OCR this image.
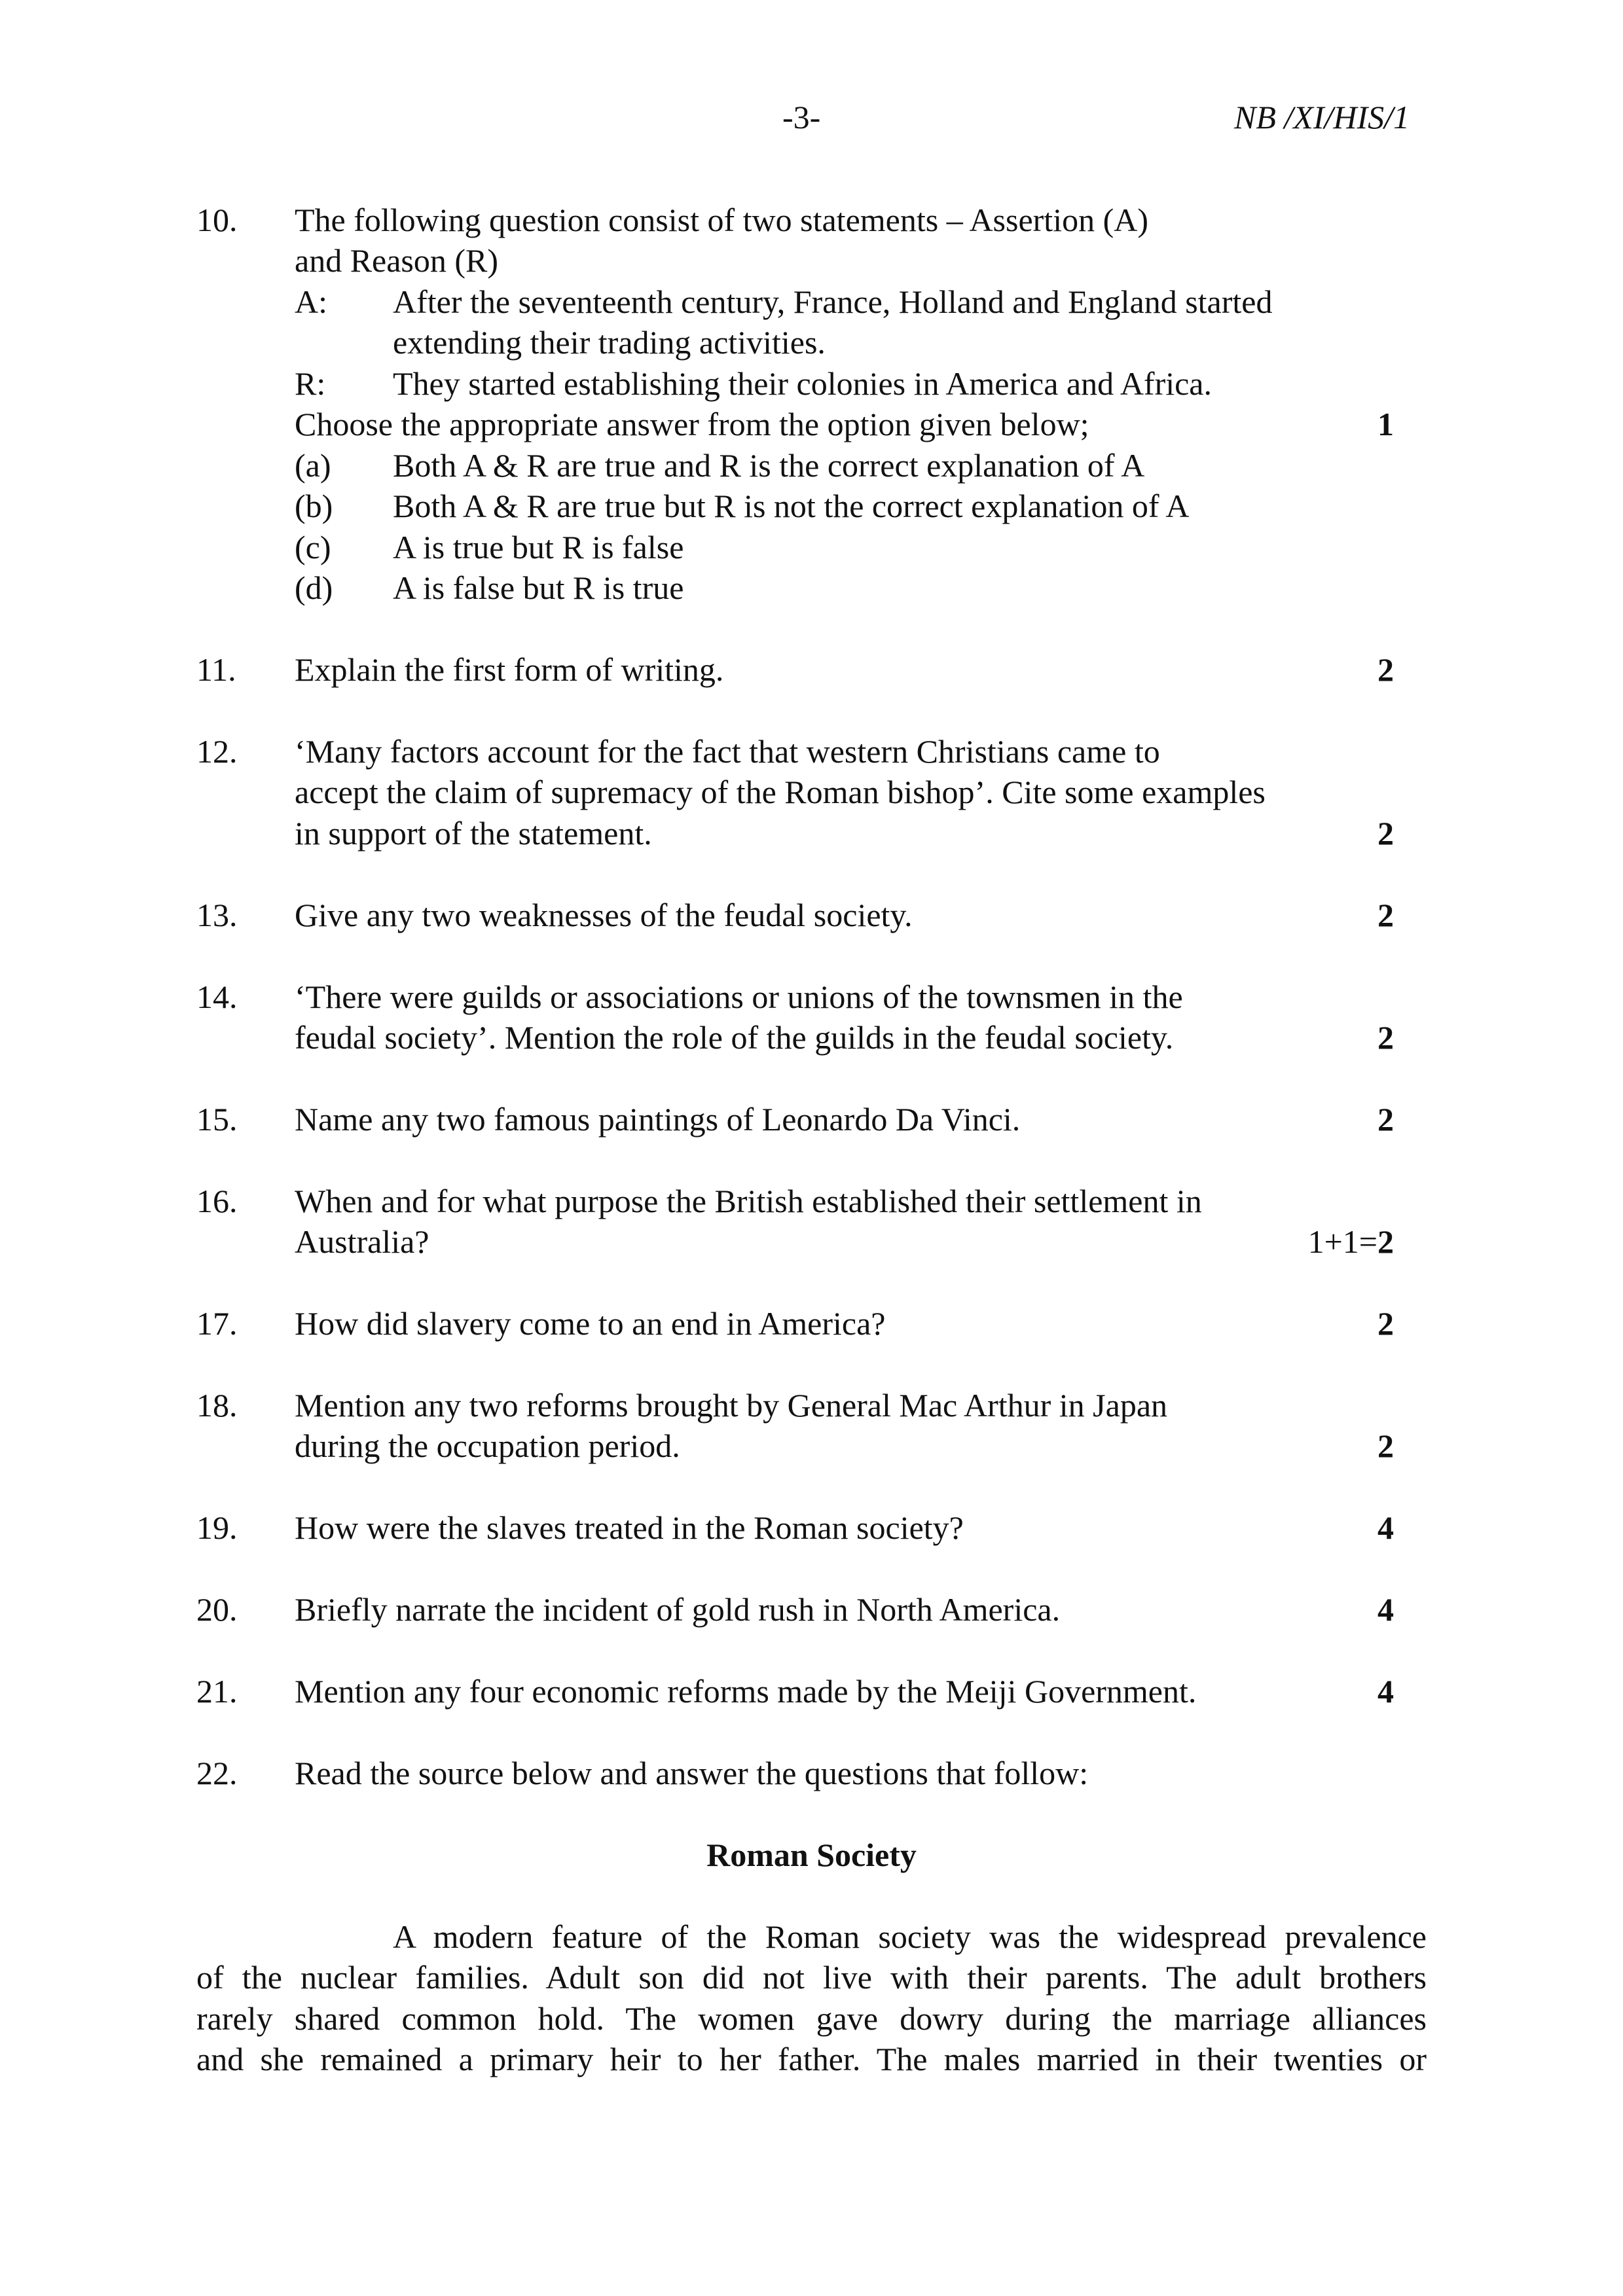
-3-	NB /XI/HIS/1
10. The following question consist of two statements – Assertion (A)
and Reason (R)
A: After the seventeenth century, France, Holland and England started
extending their trading activities.
R: They started establishing their colonies in America and Africa.
Choose the appropriate answer from the option given below;	1
(a) Both A & R are true and R is the correct explanation of A
(b) Both A & R are true but R is not the correct explanation of A
(c) A is true but R is false
(d) A is false but R is true
11. Explain the first form of writing.	2
12. ‘Many factors account for the fact that western Christians came to
accept the claim of supremacy of the Roman bishop’. Cite some examples
in support of the statement.	2
13. Give any two weaknesses of the feudal society.	2
14. ‘There were guilds or associations or unions of the townsmen in the
feudal society’. Mention the role of the guilds in the feudal society.	2
15. Name any two famous paintings of Leonardo Da Vinci.	2
16. When and for what purpose the British established their settlement in
Australia?	1+1=2
17. How did slavery come to an end in America?	2
18. Mention any two reforms brought by General Mac Arthur in Japan
during the occupation period.	2
19. How were the slaves treated in the Roman society?	4
20. Briefly narrate the incident of gold rush in North America.	4
21. Mention any four economic reforms made by the Meiji Government.	4
22. Read the source below and answer the questions that follow:
Roman Society
A modern feature of the Roman society was the widespread prevalence
of the nuclear families. Adult son did not live with their parents. The adult brothers
rarely shared common hold. The women gave dowry during the marriage alliances
and she remained a primary heir to her father. The males married in their twenties or
